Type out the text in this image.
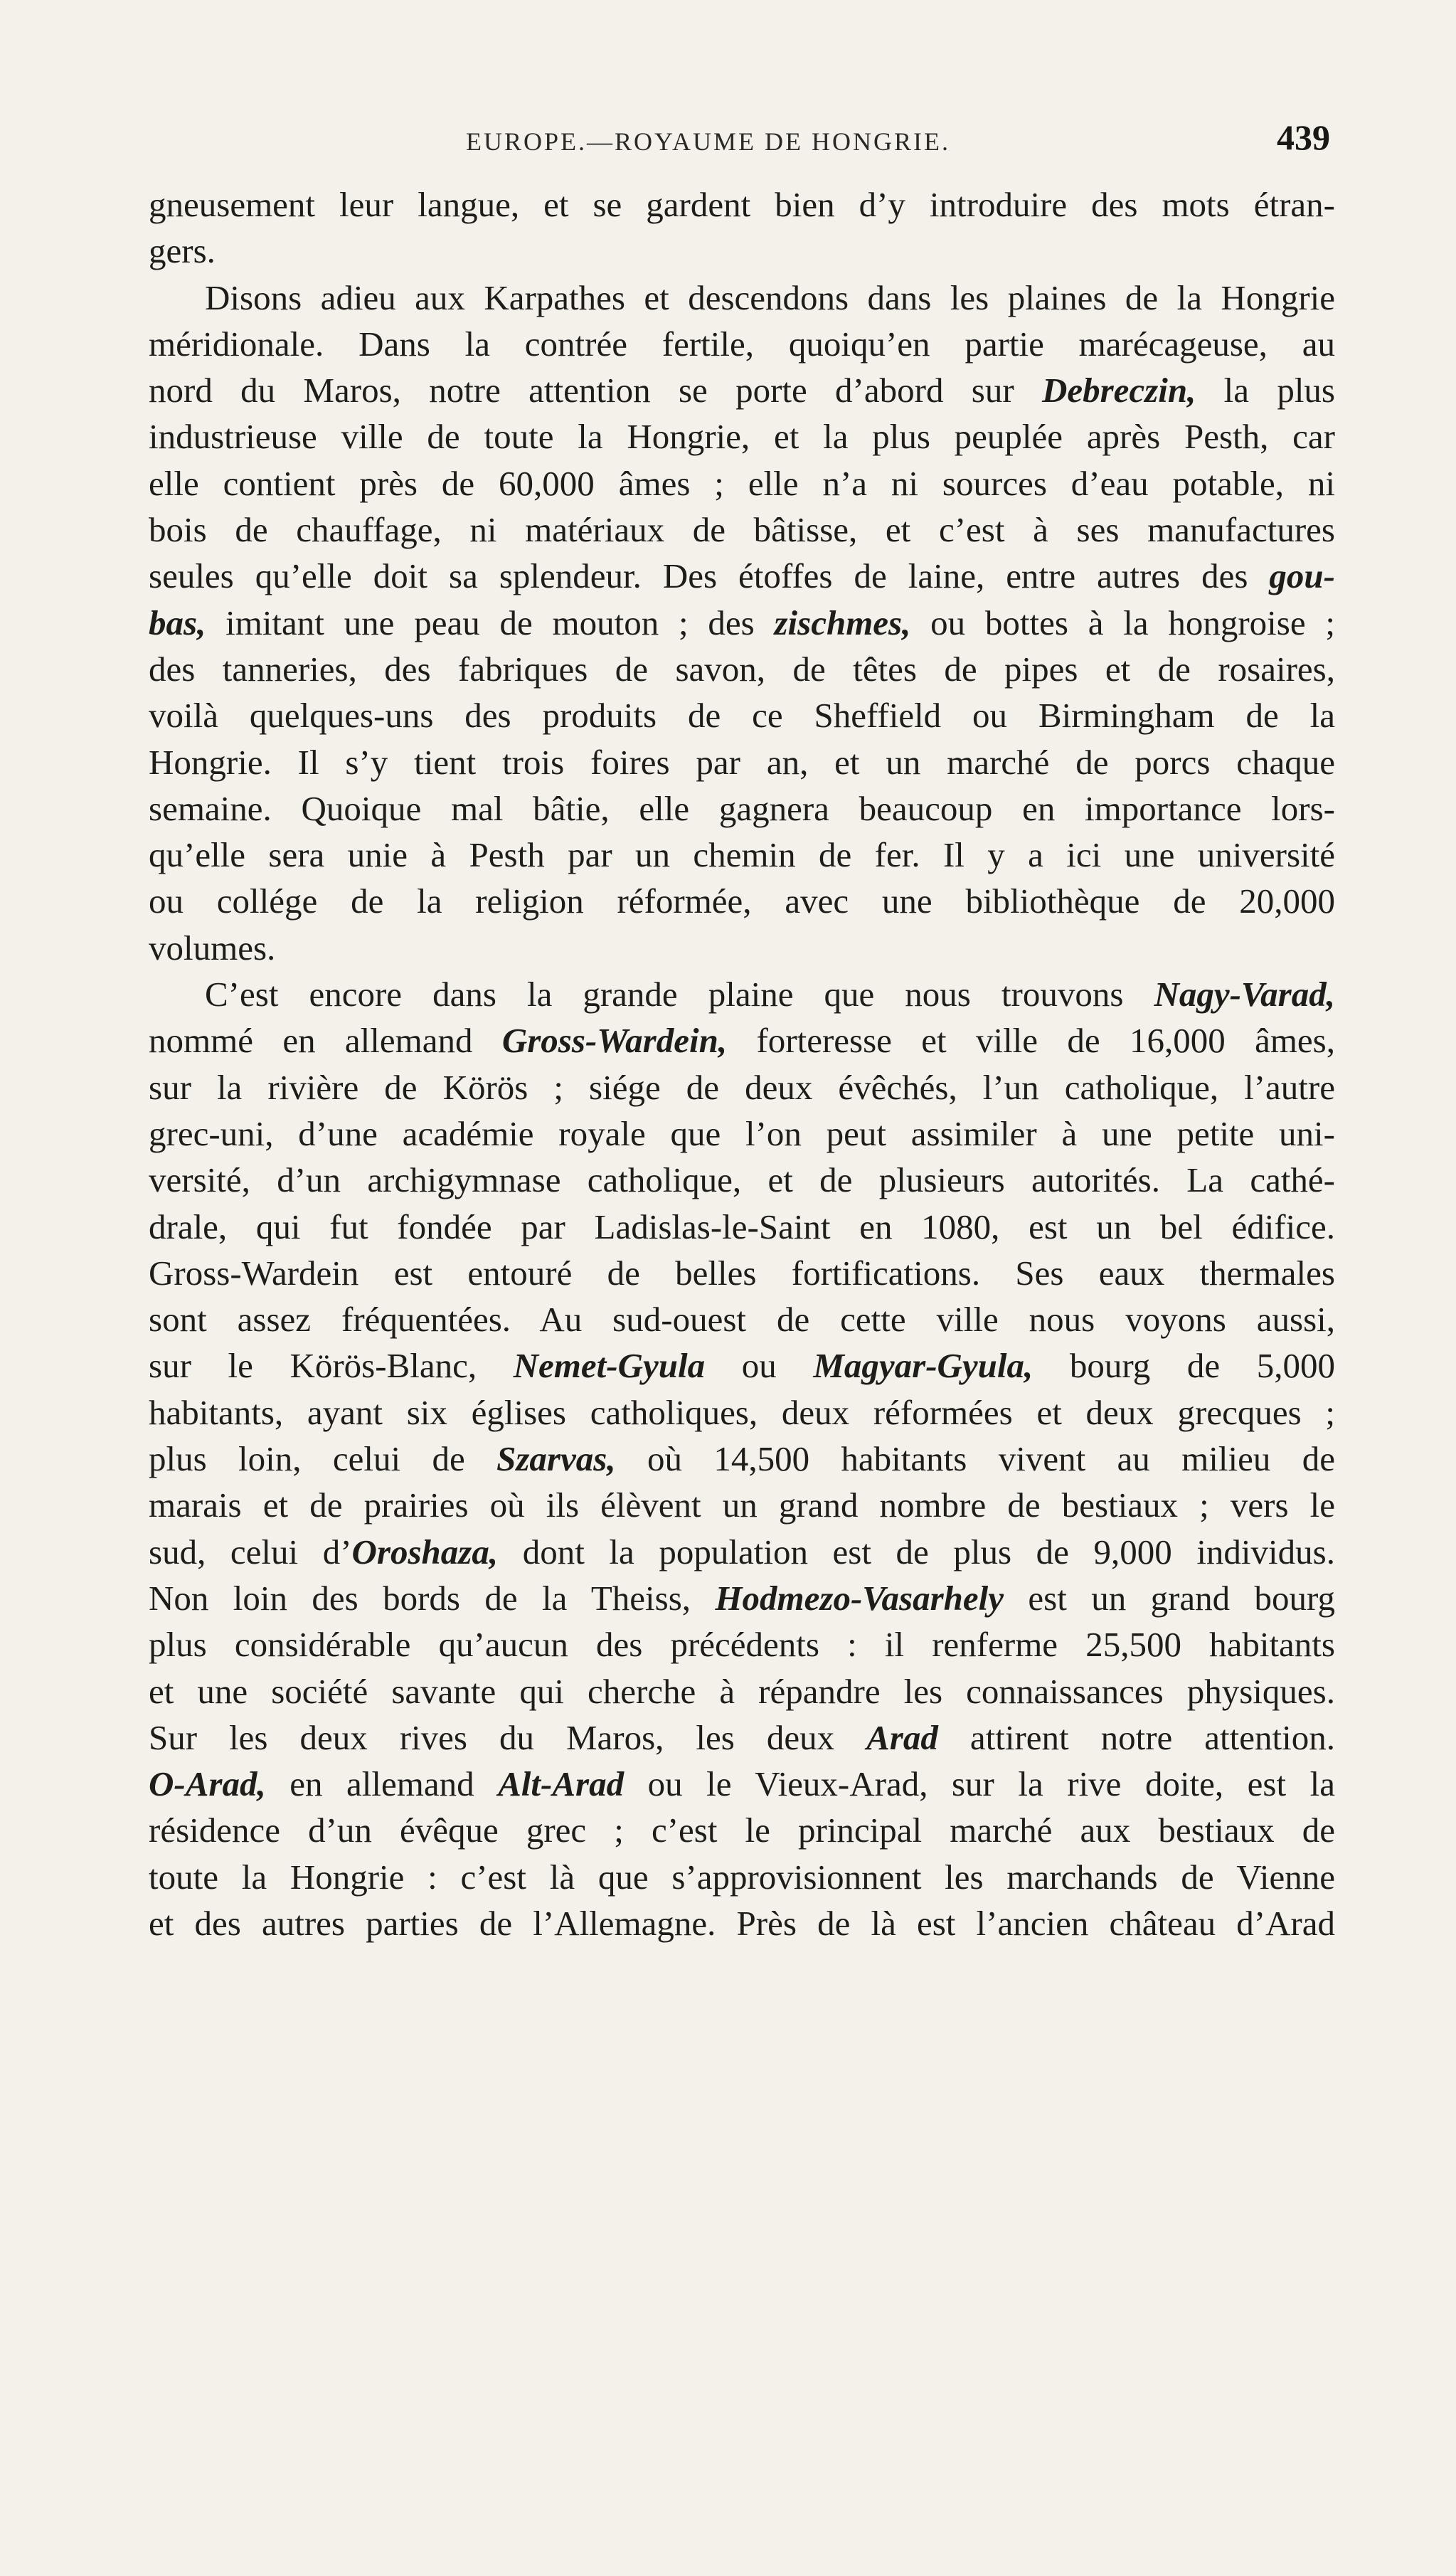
EUROPE.—ROYAUME DE HONGRIE.	439
gneusement leur langue, et se gardent bien d’y introduire des mots étran-
gers.
Disons adieu aux Karpathes et descendons dans les plaines de la Hongrie
méridionale. Dans la contrée fertile, quoiqu’en partie marécageuse, au
nord du Maros, notre attention se porte d’abord sur Debreczin, la plus
industrieuse ville de toute la Hongrie, et la plus peuplée après Pesth, car
elle contient près de 60,000 âmes ; elle n’a ni sources d’eau potable, ni
bois de chauffage, ni matériaux de bâtisse, et c’est à ses manufactures
seules qu’elle doit sa splendeur. Des étoffes de laine, entre autres des gou-
bas, imitant une peau de mouton ; des zischmes, ou bottes à la hongroise ;
des tanneries, des fabriques de savon, de têtes de pipes et de rosaires,
voilà quelques-uns des produits de ce Sheffield ou Birmingham de la
Hongrie. Il s’y tient trois foires par an, et un marché de porcs chaque
semaine. Quoique mal bâtie, elle gagnera beaucoup en importance lors-
qu’elle sera unie à Pesth par un chemin de fer. Il y a ici une université
ou collége de la religion réformée, avec une bibliothèque de 20,000
volumes.
C’est encore dans la grande plaine que nous trouvons Nagy-Varad,
nommé en allemand Gross-Wardein, forteresse et ville de 16,000 âmes,
sur la rivière de Körös ; siége de deux évêchés, l’un catholique, l’autre
grec-uni, d’une académie royale que l’on peut assimiler à une petite uni-
versité, d’un archigymnase catholique, et de plusieurs autorités. La cathé-
drale, qui fut fondée par Ladislas-le-Saint en 1080, est un bel édifice.
Gross-Wardein est entouré de belles fortifications. Ses eaux thermales
sont assez fréquentées. Au sud-ouest de cette ville nous voyons aussi,
sur le Körös-Blanc, Nemet-Gyula ou Magyar-Gyula, bourg de 5,000
habitants, ayant six églises catholiques, deux réformées et deux grecques ;
plus loin, celui de Szarvas, où 14,500 habitants vivent au milieu de
marais et de prairies où ils élèvent un grand nombre de bestiaux ; vers le
sud, celui d’Oroshaza, dont la population est de plus de 9,000 individus.
Non loin des bords de la Theiss, Hodmezo-Vasarhely est un grand bourg
plus considérable qu’aucun des précédents : il renferme 25,500 habitants
et une société savante qui cherche à répandre les connaissances physiques.
Sur les deux rives du Maros, les deux Arad attirent notre attention.
O-Arad, en allemand Alt-Arad ou le Vieux-Arad, sur la rive doite, est la
résidence d’un évêque grec ; c’est le principal marché aux bestiaux de
toute la Hongrie : c’est là que s’approvisionnent les marchands de Vienne
et des autres parties de l’Allemagne. Près de là est l’ancien château d’Arad
